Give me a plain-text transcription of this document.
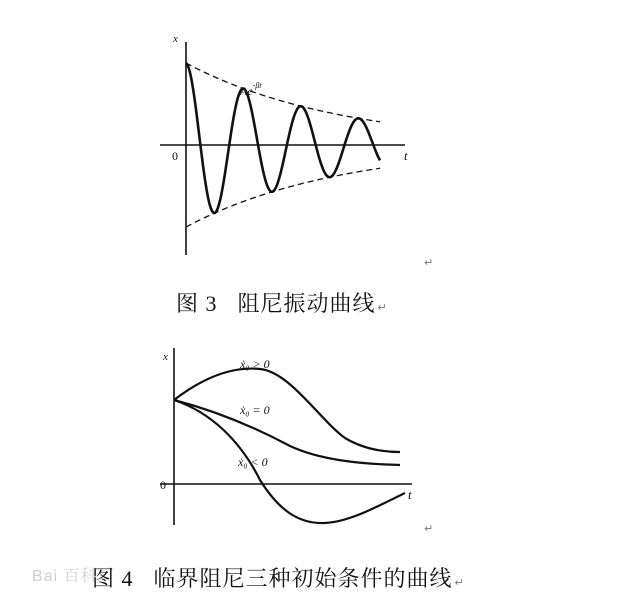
x
t
0
$Ae^{-\beta t}$
x
t
0
ẋ₀ > 0
ẋ₀ = 0
ẋ₀ < 0
↵
↵
图 3 阻尼振动曲线 ↵
图 4 临界阻尼三种初始条件的曲线 ↵
Bai 百科
